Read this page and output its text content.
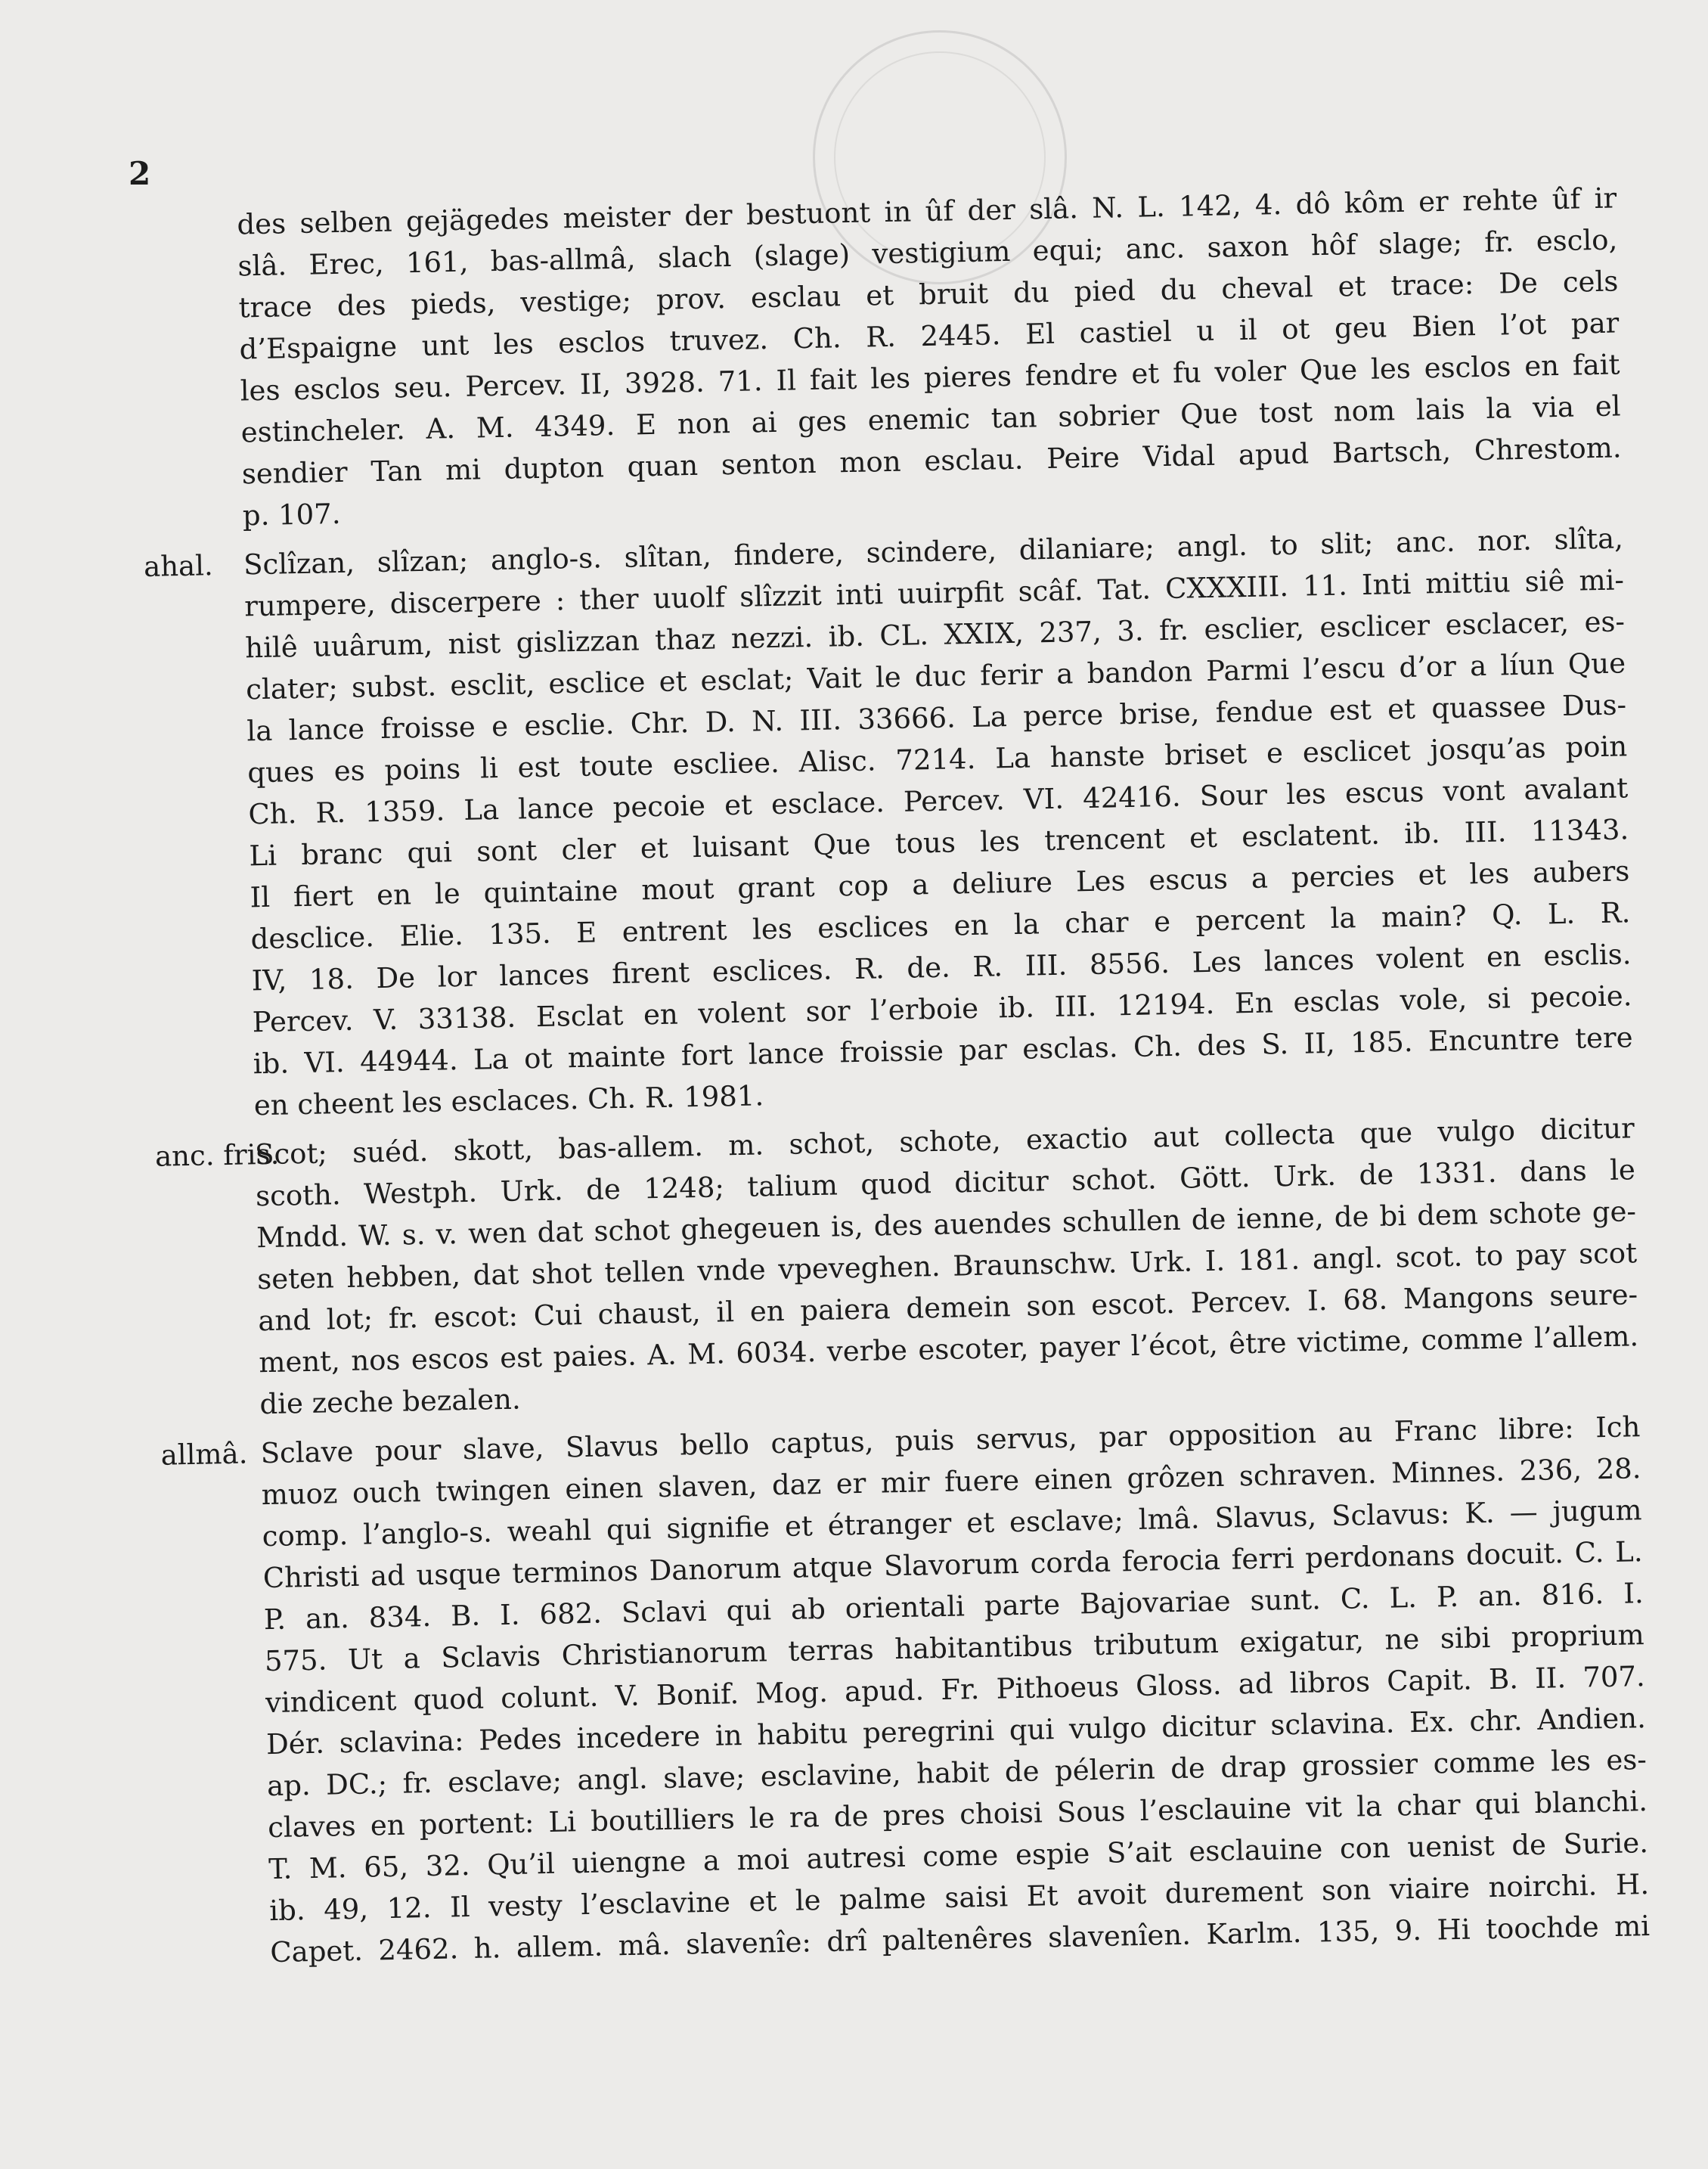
2
des selben gejägedes meister der bestuont in ûf der slâ. N. L. 142, 4. dô kôm er rehte ûf ir
slâ. Erec, 161, bas-allmâ, slach (slage) vestigium equi; anc. saxon hôf slage; fr. esclo,
trace des pieds, vestige; prov. esclau et bruit du pied du cheval et trace: De cels
d’Espaigne unt les esclos truvez. Ch. R. 2445. El castiel u il ot geu Bien l’ot par
les esclos seu. Percev. II, 3928. 71. Il fait les pieres fendre et fu voler Que les esclos en fait
estincheler. A. M. 4349. E non ai ges enemic tan sobrier Que tost nom lais la via el
sendier Tan mi dupton quan senton mon esclau. Peire Vidal apud Bartsch, Chrestom.
p. 107.
ahal. Sclîzan, slîzan; anglo-s. slîtan, findere, scindere, dilaniare; angl. to slit; anc. nor. slîta,
rumpere, discerpere : ther uuolf slîzzit inti uuirpfit scâf. Tat. CXXXIII. 11. Inti mittiu siê mi-
hilê uuârum, nist gislizzan thaz nezzi. ib. CL. XXIX, 237, 3. fr. esclier, esclicer esclacer, es-
clater; subst. esclit, esclice et esclat; Vait le duc ferir a bandon Parmi l’escu d’or a líun Que
la lance froisse e esclie. Chr. D. N. III. 33666. La perce brise, fendue est et quassee Dus-
ques es poins li est toute escliee. Alisc. 7214. La hanste briset e esclicet josqu’as poin
Ch. R. 1359. La lance pecoie et esclace. Percev. VI. 42416. Sour les escus vont avalant
Li branc qui sont cler et luisant Que tous les trencent et esclatent. ib. III. 11343.
Il fiert en le quintaine mout grant cop a deliure Les escus a percies et les aubers
desclice. Elie. 135. E entrent les esclices en la char e percent la main? Q. L. R.
IV, 18. De lor lances firent esclices. R. de. R. III. 8556. Les lances volent en esclis.
Percev. V. 33138. Esclat en volent sor l’erboie ib. III. 12194. En esclas vole, si pecoie.
ib. VI. 44944. La ot mainte fort lance froissie par esclas. Ch. des S. II, 185. Encuntre tere
en cheent les esclaces. Ch. R. 1981.
anc. fris.
Scot; suéd. skott, bas-allem. m. schot, schote, exactio aut collecta que vulgo dicitur
scoth. Westph. Urk. de 1248; talium quod dicitur schot. Gött. Urk. de 1331. dans le
Mndd. W. s. v. wen dat schot ghegeuen is, des auendes schullen de ienne, de bi dem schote ge-
seten hebben, dat shot tellen vnde vpeveghen. Braunschw. Urk. I. 181. angl. scot. to pay scot
and lot; fr. escot: Cui chaust, il en paiera demein son escot. Percev. I. 68. Mangons seure-
ment, nos escos est paies. A. M. 6034. verbe escoter, payer l’écot, être victime, comme l’allem.
die zeche bezalen.
allmâ. Sclave pour slave, Slavus bello captus, puis servus, par opposition au Franc libre: Ich
muoz ouch twingen einen slaven, daz er mir fuere einen grôzen schraven. Minnes. 236, 28.
comp. l’anglo-s. weahl qui signifie et étranger et esclave; lmâ. Slavus, Sclavus: K. — jugum
Christi ad usque terminos Danorum atque Slavorum corda ferocia ferri perdonans docuit. C. L.
P. an. 834. B. I. 682. Sclavi qui ab orientali parte Bajovariae sunt. C. L. P. an. 816. I.
575. Ut a Sclavis Christianorum terras habitantibus tributum exigatur, ne sibi proprium
vindicent quod colunt. V. Bonif. Mog. apud. Fr. Pithoeus Gloss. ad libros Capit. B. II. 707.
Dér. sclavina: Pedes incedere in habitu peregrini qui vulgo dicitur sclavina. Ex. chr. Andien.
ap. DC.; fr. esclave; angl. slave; esclavine, habit de pélerin de drap grossier comme les es-
claves en portent: Li boutilliers le ra de pres choisi Sous l’esclauine vit la char qui blanchi.
T. M. 65, 32. Qu’il uiengne a moi autresi come espie S’ait esclauine con uenist de Surie.
ib. 49, 12. Il vesty l’esclavine et le palme saisi Et avoit durement son viaire noirchi. H.
Capet. 2462. h. allem. mâ. slavenîe: drî paltenêres slavenîen. Karlm. 135, 9. Hi toochde mi
